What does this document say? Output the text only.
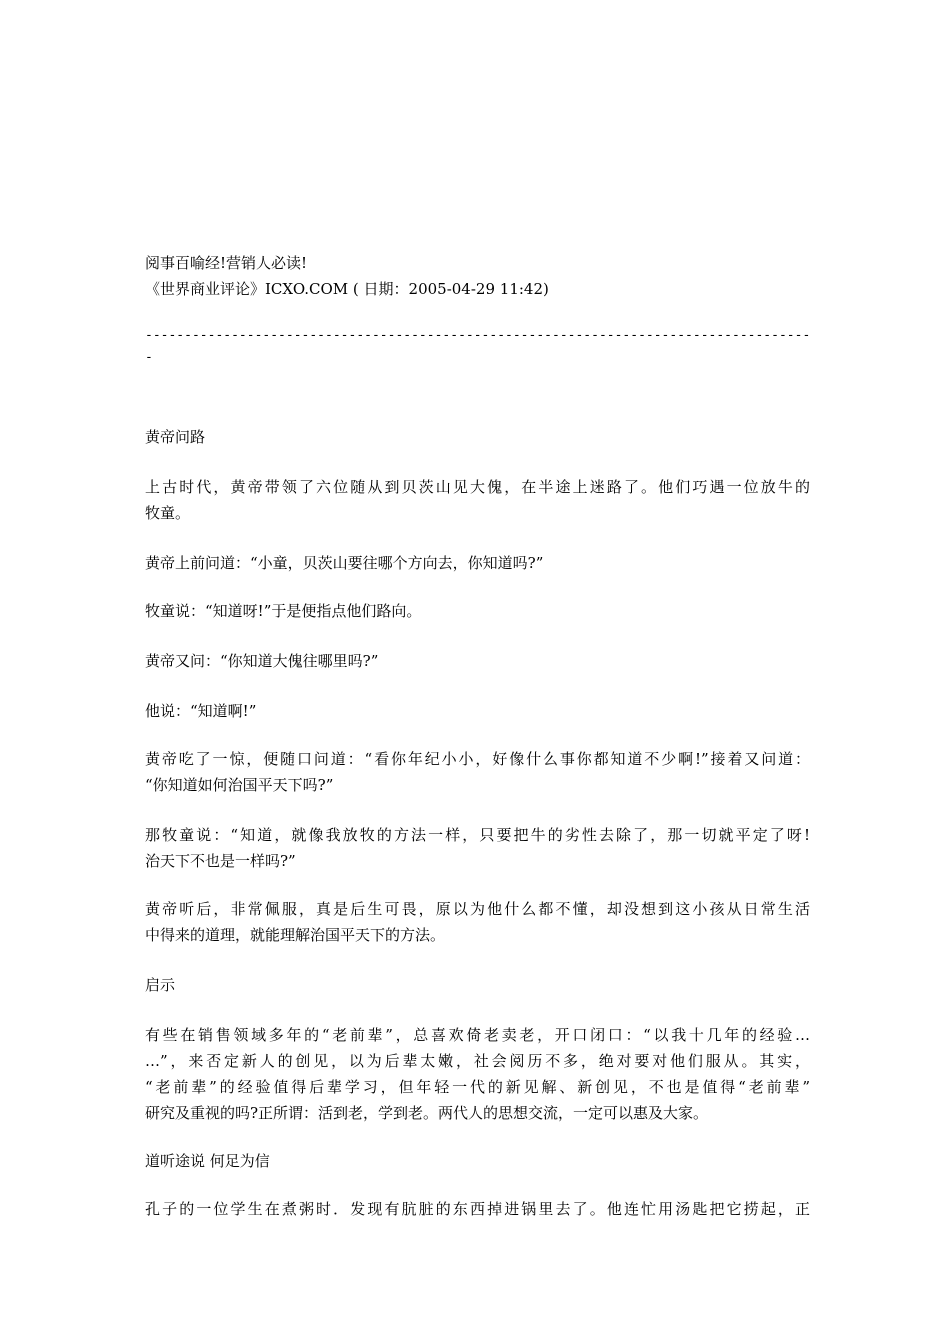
阅事百喻经!营销人必读!
《世界商业评论》ICXO.COM ( 日期：2005-04-29 11:42)
-------------------------------------------------------------------------------------
-
黄帝问路
上古时代，黄帝带领了六位随从到贝茨山见大傀，在半途上迷路了。他们巧遇一位放牛的
牧童。
黄帝上前问道：“小童，贝茨山要往哪个方向去，你知道吗?”
牧童说：“知道呀!”于是便指点他们路向。
黄帝又问：“你知道大傀往哪里吗?”
他说：“知道啊!”
黄帝吃了一惊，便随口问道：“看你年纪小小，好像什么事你都知道不少啊!”接着又问道：
“你知道如何治国平天下吗?”
那牧童说：“知道，就像我放牧的方法一样，只要把牛的劣性去除了，那一切就平定了呀!
治天下不也是一样吗?”
黄帝听后，非常佩服，真是后生可畏，原以为他什么都不懂，却没想到这小孩从日常生活
中得来的道理，就能理解治国平天下的方法。
启示
有些在销售领域多年的“老前辈”，总喜欢倚老卖老，开口闭口：“以我十几年的经验…
…”，来否定新人的创见，以为后辈太嫩，社会阅历不多，绝对要对他们服从。其实，
“老前辈”的经验值得后辈学习，但年轻一代的新见解、新创见，不也是值得“老前辈”
研究及重视的吗?正所谓：活到老，学到老。两代人的思想交流，一定可以惠及大家。
道听途说 何足为信
孔子的一位学生在煮粥时．发现有肮脏的东西掉进锅里去了。他连忙用汤匙把它捞起，正
